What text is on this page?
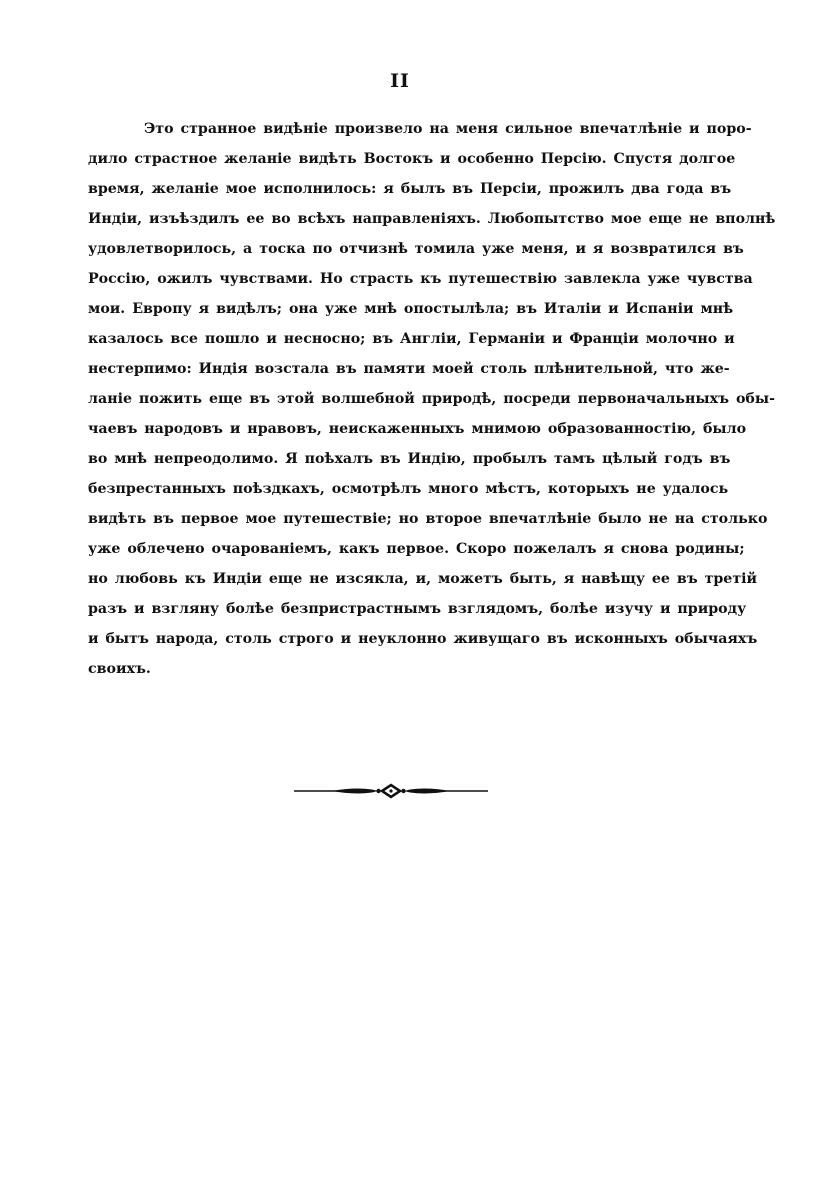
II
Это странное видѣніе произвело на меня сильное впечатлѣніе и поро-
дило страстное желаніе видѣть Востокъ и особенно Персію. Спустя долгое
время, желаніе мое исполнилось: я былъ въ Персіи, прожилъ два года въ
Индіи, изъѣздилъ ее во всѣхъ направленіяхъ. Любопытство мое еще не вполнѣ
удовлетворилось, а тоска по отчизнѣ томила уже меня, и я возвратился въ
Россію, ожилъ чувствами. Но страсть къ путешествію завлекла уже чувства
мои. Европу я видѣлъ; она уже мнѣ опостылѣла; въ Италіи и Испаніи мнѣ
казалось все пошло и несносно; въ Англіи, Германіи и Франціи молочно и
нестерпимо: Индія возстала въ памяти моей столь плѣнительной, что же-
ланіе пожить еще въ этой волшебной природѣ, посреди первоначальныхъ обы-
чаевъ народовъ и нравовъ, неискаженныхъ мнимою образованностію, было
во мнѣ непреодолимо. Я поѣхалъ въ Индію, пробылъ тамъ цѣлый годъ въ
безпрестанныхъ поѣздкахъ, осмотрѣлъ много мѣстъ, которыхъ не удалось
видѣть въ первое мое путешествіе; но второе впечатлѣніе было не на столько
уже облечено очарованіемъ, какъ первое. Скоро пожелалъ я снова родины;
но любовь къ Индіи еще не изсякла, и, можетъ быть, я навѣщу ее въ третій
разъ и взгляну болѣе безпристрастнымъ взглядомъ, болѣе изучу и природу
и бытъ народа, столь строго и неуклонно живущаго въ исконныхъ обычаяхъ
своихъ.
